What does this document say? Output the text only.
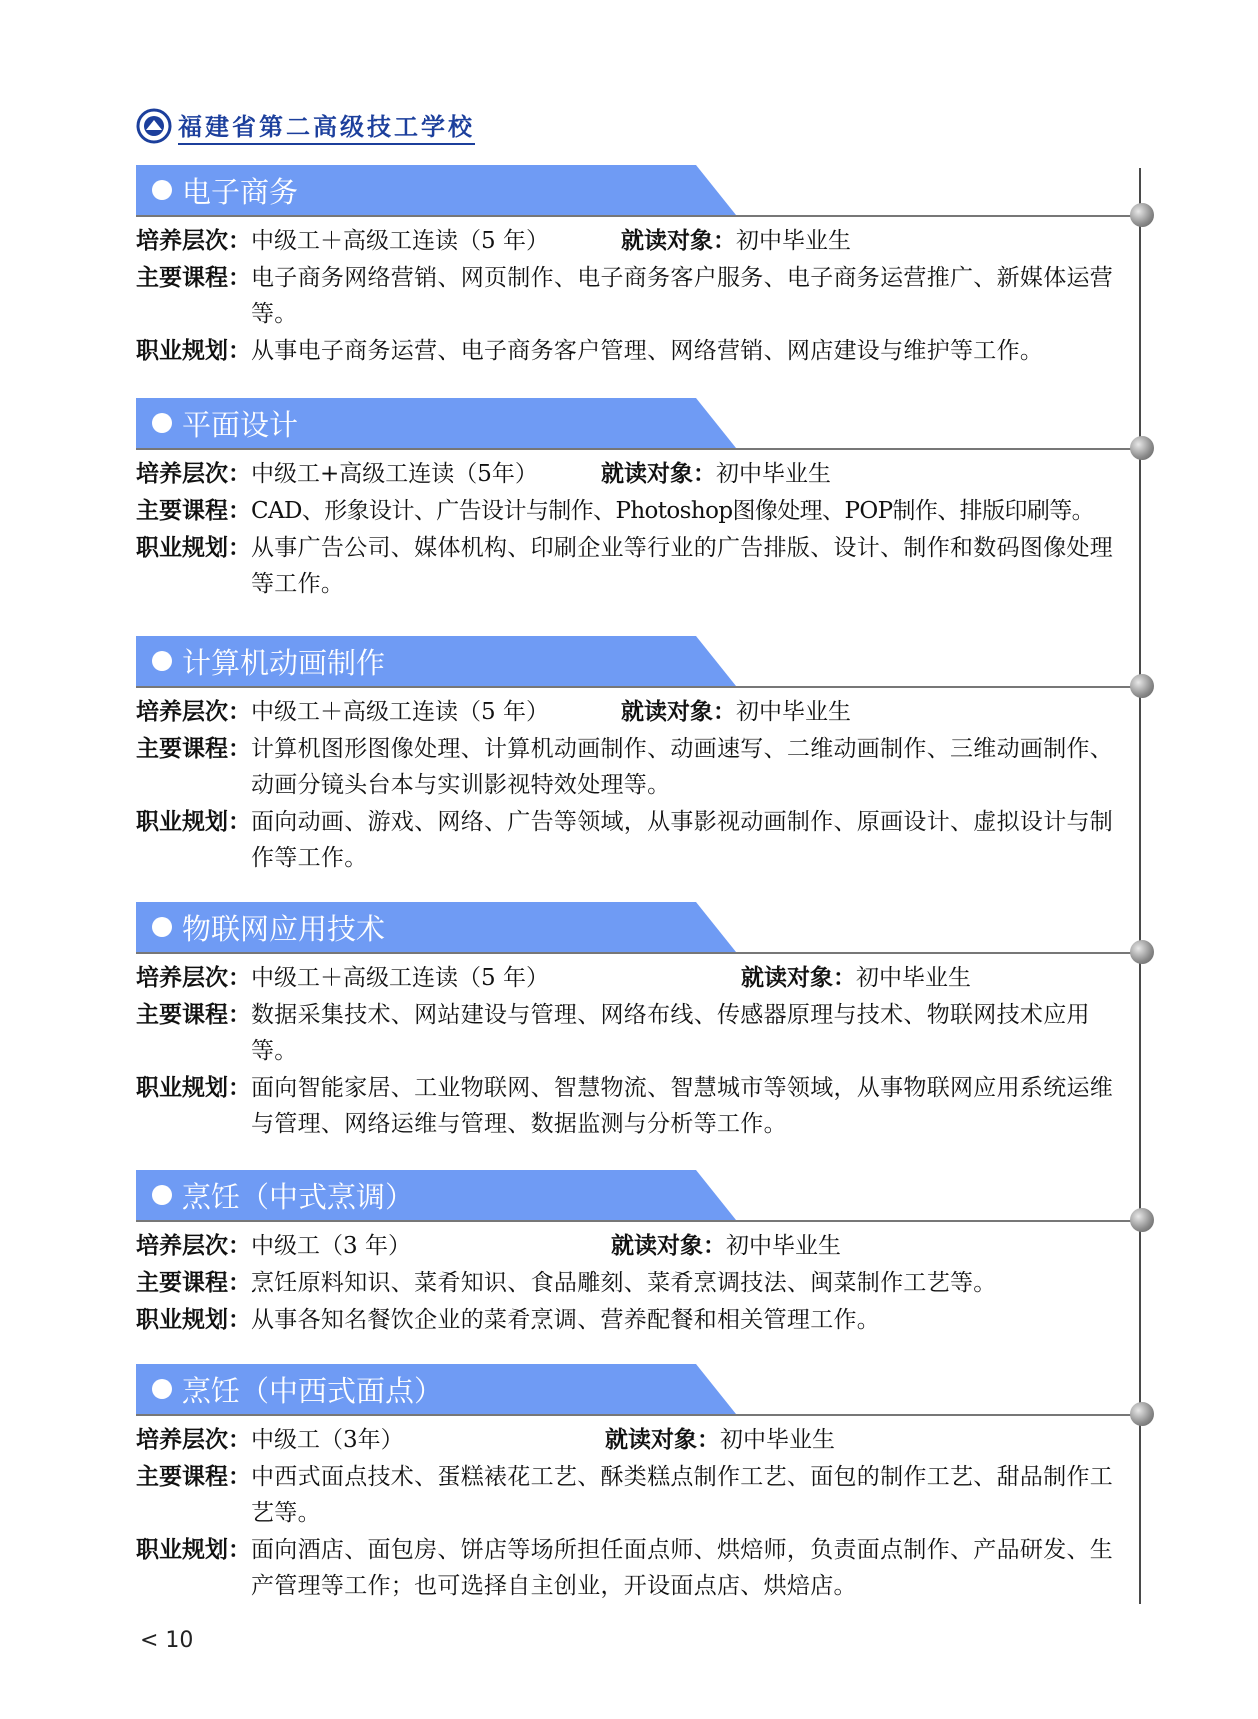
福建省第二高级技工学校
电子商务
培养层次： 中级工＋高级工连读（5 年）	就读对象： 初中毕业生
主要课程： 电子商务网络营销、网页制作、电子商务客户服务、电子商务运营推广、新媒体运营等。
职业规划： 从事电子商务运营、电子商务客户管理、网络营销、网店建设与维护等工作。
平面设计
培养层次： 中级工+高级工连读（5年）	就读对象： 初中毕业生
主要课程： CAD、形象设计、广告设计与制作、Photoshop图像处理、POP制作、排版印刷等。
职业规划： 从事广告公司、媒体机构、印刷企业等行业的广告排版、设计、制作和数码图像处理等工作。
计算机动画制作
培养层次： 中级工＋高级工连读（5 年）	就读对象： 初中毕业生
主要课程： 计算机图形图像处理、计算机动画制作、动画速写、二维动画制作、三维动画制作、动画分镜头台本与实训影视特效处理等。
职业规划： 面向动画、游戏、网络、广告等领域，从事影视动画制作、原画设计、虚拟设计与制作等工作。
物联网应用技术
培养层次： 中级工＋高级工连读（5 年）	就读对象： 初中毕业生
主要课程： 数据采集技术、网站建设与管理、网络布线、传感器原理与技术、物联网技术应用等。
职业规划： 面向智能家居、工业物联网、智慧物流、智慧城市等领域，从事物联网应用系统运维与管理、网络运维与管理、数据监测与分析等工作。
烹饪（中式烹调）
培养层次： 中级工（3 年）	就读对象： 初中毕业生
主要课程： 烹饪原料知识、菜肴知识、食品雕刻、菜肴烹调技法、闽菜制作工艺等。
职业规划： 从事各知名餐饮企业的菜肴烹调、营养配餐和相关管理工作。
烹饪（中西式面点）
培养层次： 中级工（3年）	就读对象： 初中毕业生
主要课程： 中西式面点技术、蛋糕裱花工艺、酥类糕点制作工艺、面包的制作工艺、甜品制作工艺等。
职业规划： 面向酒店、面包房、饼店等场所担任面点师、烘焙师，负责面点制作、产品研发、生产管理等工作；也可选择自主创业，开设面点店、烘焙店。
< 10
